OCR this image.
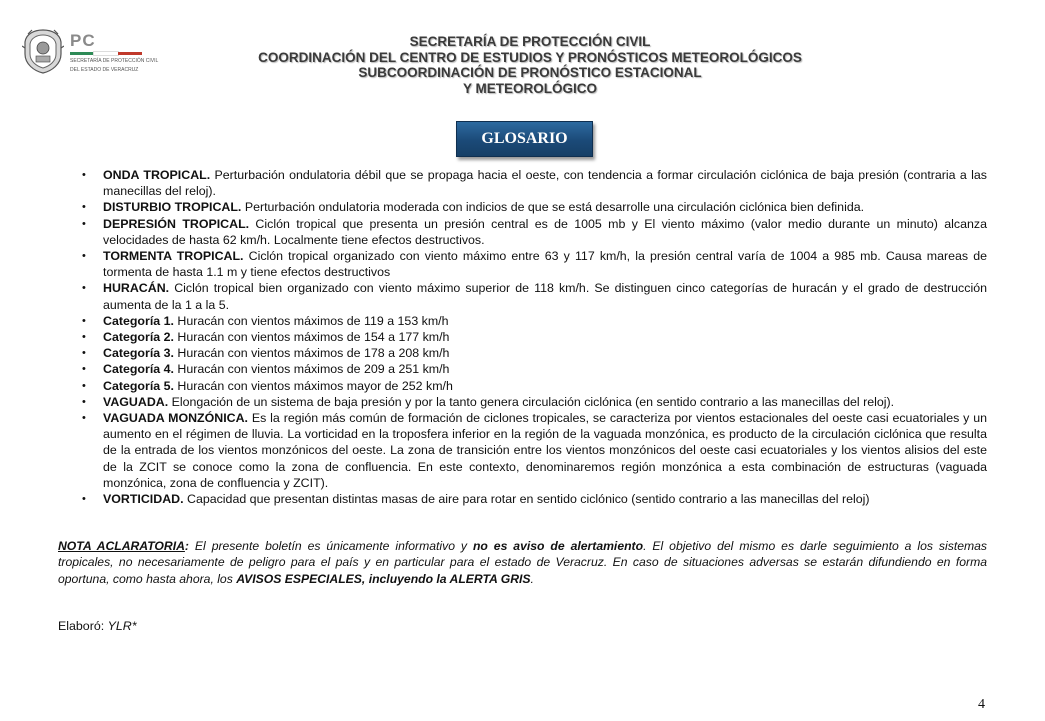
PC
SECRETARÍA DE PROTECCIÓN CIVIL
DEL ESTADO DE VERACRUZ
SECRETARÍA DE PROTECCIÓN CIVIL
COORDINACIÓN DEL CENTRO DE ESTUDIOS Y PRONÓSTICOS METEOROLÓGICOS
SUBCOORDINACIÓN DE PRONÓSTICO ESTACIONAL
Y METEOROLÓGICO
GLOSARIO
• ONDA TROPICAL. Perturbación ondulatoria débil que se propaga hacia el oeste, con tendencia a formar circulación ciclónica de baja presión (contraria a las manecillas del reloj).
• DISTURBIO TROPICAL. Perturbación ondulatoria moderada con indicios de que se está desarrolle una circulación ciclónica bien definida.
• DEPRESIÓN TROPICAL. Ciclón tropical que presenta un presión central es de 1005 mb y El viento máximo (valor medio durante un minuto) alcanza velocidades de hasta 62 km/h. Localmente tiene efectos destructivos.
• TORMENTA TROPICAL. Ciclón tropical organizado con viento máximo entre 63 y 117 km/h, la presión central varía de 1004 a 985 mb. Causa mareas de tormenta de hasta 1.1 m y tiene efectos destructivos
• HURACÁN. Ciclón tropical bien organizado con viento máximo superior de 118 km/h. Se distinguen cinco categorías de huracán y el grado de destrucción aumenta de la 1 a la 5.
• Categoría 1. Huracán con vientos máximos de 119 a 153 km/h
• Categoría 2. Huracán con vientos máximos de 154 a 177 km/h
• Categoría 3. Huracán con vientos máximos de 178 a 208 km/h
• Categoría 4. Huracán con vientos máximos de 209 a 251 km/h
• Categoría 5. Huracán con vientos máximos mayor de 252 km/h
• VAGUADA. Elongación de un sistema de baja presión y por la tanto genera circulación ciclónica (en sentido contrario a las manecillas del reloj).
• VAGUADA MONZÓNICA. Es la región más común de formación de ciclones tropicales, se caracteriza por vientos estacionales del oeste casi ecuatoriales y un aumento en el régimen de lluvia. La vorticidad en la troposfera inferior en la región de la vaguada monzónica, es producto de la circulación ciclónica que resulta de la entrada de los vientos monzónicos del oeste. La zona de transición entre los vientos monzónicos del oeste casi ecuatoriales y los vientos alisios del este de la ZCIT se conoce como la zona de confluencia. En este contexto, denominaremos región monzónica a esta combinación de estructuras (vaguada monzónica, zona de confluencia y ZCIT).
• VORTICIDAD. Capacidad que presentan distintas masas de aire para rotar en sentido ciclónico (sentido contrario a las manecillas del reloj)
NOTA ACLARATORIA: El presente boletín es únicamente informativo y no es aviso de alertamiento. El objetivo del mismo es darle seguimiento a los sistemas tropicales, no necesariamente de peligro para el país y en particular para el estado de Veracruz. En caso de situaciones adversas se estarán difundiendo en forma oportuna, como hasta ahora, los AVISOS ESPECIALES, incluyendo la ALERTA GRIS.
Elaboró: YLR*
4
